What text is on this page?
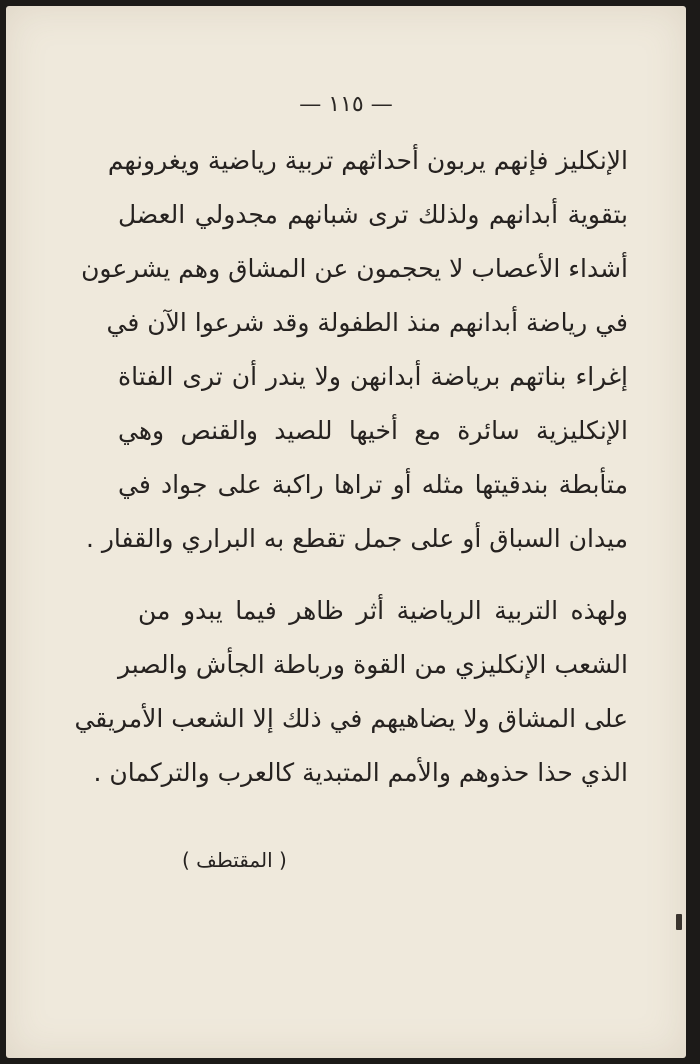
— ١١٥ —
الإنكليز فإنهم يربون أحداثهم تربية رياضية ويغرونهم
بتقوية أبدانهم ولذلك ترى شبانهم مجدولي العضل
أشداء الأعصاب لا يحجمون عن المشاق وهم يشرعون
في رياضة أبدانهم منذ الطفولة وقد شرعوا الآن في
إغراء بناتهم برياضة أبدانهن ولا يندر أن ترى الفتاة
الإنكليزية سائرة مع أخيها للصيد والقنص وهي
متأبطة بندقيتها مثله أو تراها راكبة على جواد في
ميدان السباق أو على جمل تقطع به البراري والقفار .
ولهذه التربية الرياضية أثر ظاهر فيما يبدو من
الشعب الإنكليزي من القوة ورباطة الجأش والصبر
على المشاق ولا يضاهيهم في ذلك إلا الشعب الأمريقي
الذي حذا حذوهم والأمم المتبدية كالعرب والتركمان .
( المقتطف )
